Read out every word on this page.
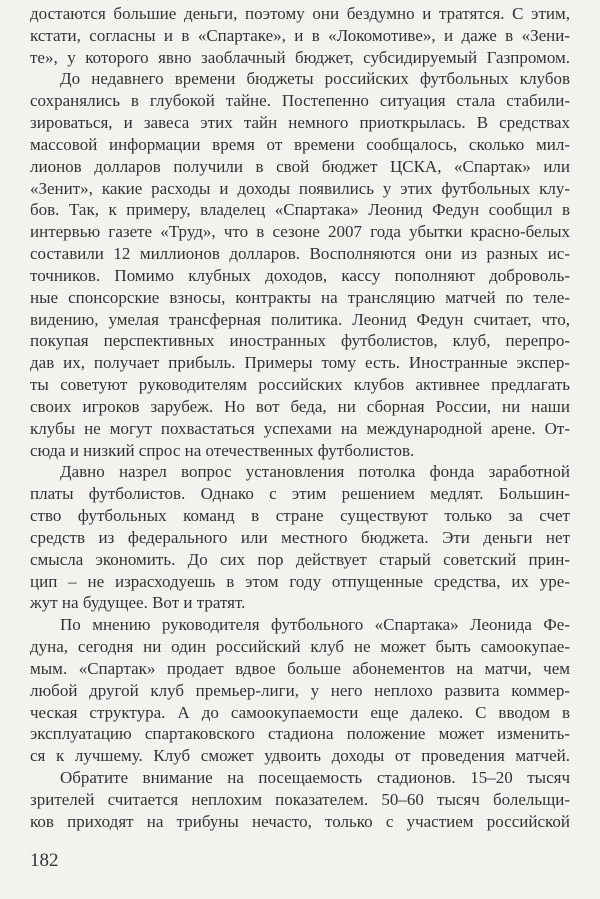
достаются большие деньги, поэтому они бездумно и тратятся. С этим,
кстати, согласны и в «Спартаке», и в «Локомотиве», и даже в «Зени-
те», у которого явно заоблачный бюджет, субсидируемый Газпромом.
До недавнего времени бюджеты российских футбольных клубов
сохранялись в глубокой тайне. Постепенно ситуация стала стабили-
зироваться, и завеса этих тайн немного приоткрылась. В средствах
массовой информации время от времени сообщалось, сколько мил-
лионов долларов получили в свой бюджет ЦСКА, «Спартак» или
«Зенит», какие расходы и доходы появились у этих футбольных клу-
бов. Так, к примеру, владелец «Спартака» Леонид Федун сообщил в
интервью газете «Труд», что в сезоне 2007 года убытки красно-белых
составили 12 миллионов долларов. Восполняются они из разных ис-
точников. Помимо клубных доходов, кассу пополняют доброволь-
ные спонсорские взносы, контракты на трансляцию матчей по теле-
видению, умелая трансферная политика. Леонид Федун считает, что,
покупая перспективных иностранных футболистов, клуб, перепро-
дав их, получает прибыль. Примеры тому есть. Иностранные экспер-
ты советуют руководителям российских клубов активнее предлагать
своих игроков зарубеж. Но вот беда, ни сборная России, ни наши
клубы не могут похвастаться успехами на международной арене. От-
сюда и низкий спрос на отечественных футболистов.
Давно назрел вопрос установления потолка фонда заработной
платы футболистов. Однако с этим решением медлят. Большин-
ство футбольных команд в стране существуют только за счет
средств из федерального или местного бюджета. Эти деньги нет
смысла экономить. До сих пор действует старый советский прин-
цип – не израсходуешь в этом году отпущенные средства, их уре-
жут на будущее. Вот и тратят.
По мнению руководителя футбольного «Спартака» Леонида Фе-
дуна, сегодня ни один российский клуб не может быть самоокупае-
мым. «Спартак» продает вдвое больше абонементов на матчи, чем
любой другой клуб премьер-лиги, у него неплохо развита коммер-
ческая структура. А до самоокупаемости еще далеко. С вводом в
эксплуатацию спартаковского стадиона положение может изменить-
ся к лучшему. Клуб сможет удвоить доходы от проведения матчей.
Обратите внимание на посещаемость стадионов. 15–20 тысяч
зрителей считается неплохим показателем. 50–60 тысяч болельщи-
ков приходят на трибуны нечасто, только с участием российской
182
